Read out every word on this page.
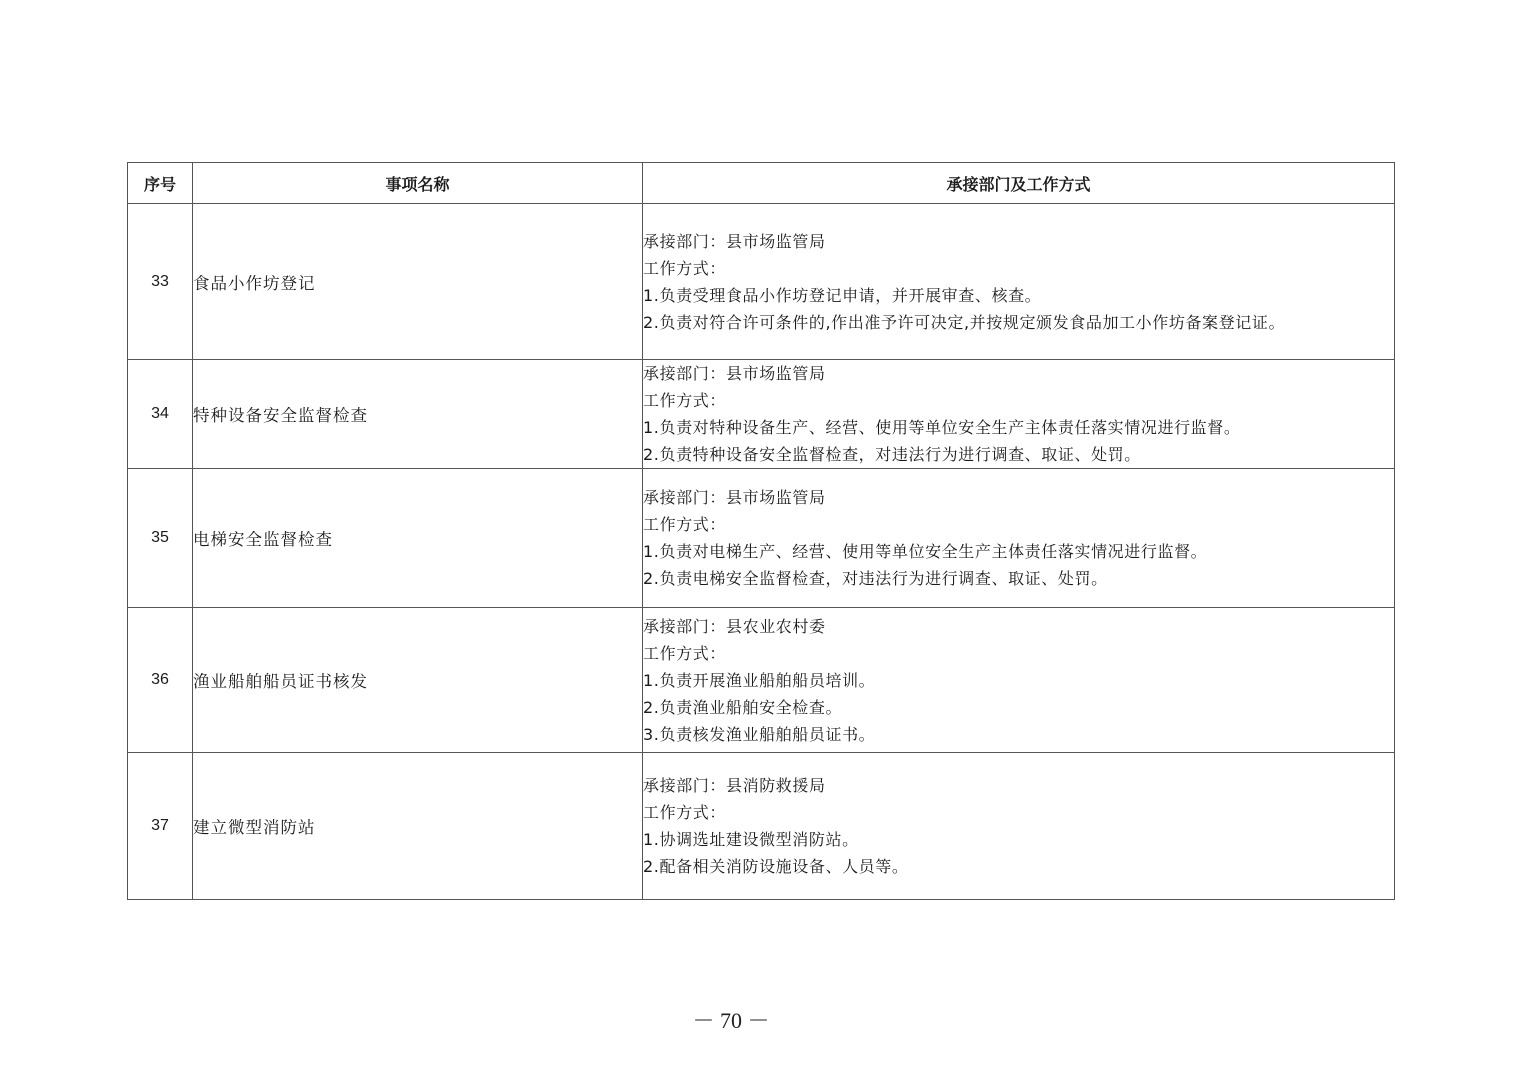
序号	事项名称	承接部门及工作方式
33	食品小作坊登记	承接部门：县市场监管局
工作方式：
1.负责受理食品小作坊登记申请，并开展审查、核查。
2.负责对符合许可条件的,作出准予许可决定,并按规定颁发食品加工小作坊备案登记证。

34	特种设备安全监督检查	承接部门：县市场监管局
工作方式：
1.负责对特种设备生产、经营、使用等单位安全生产主体责任落实情况进行监督。
2.负责特种设备安全监督检查，对违法行为进行调查、取证、处罚。

35	电梯安全监督检查	承接部门：县市场监管局
工作方式：
1.负责对电梯生产、经营、使用等单位安全生产主体责任落实情况进行监督。
2.负责电梯安全监督检查，对违法行为进行调查、取证、处罚。

36	渔业船舶船员证书核发	承接部门：县农业农村委
工作方式：
1.负责开展渔业船舶船员培训。
2.负责渔业船舶安全检查。
3.负责核发渔业船舶船员证书。

37	建立微型消防站	承接部门：县消防救援局
工作方式：
1.协调选址建设微型消防站。
2.配备相关消防设施设备、人员等。
－ 70 －
